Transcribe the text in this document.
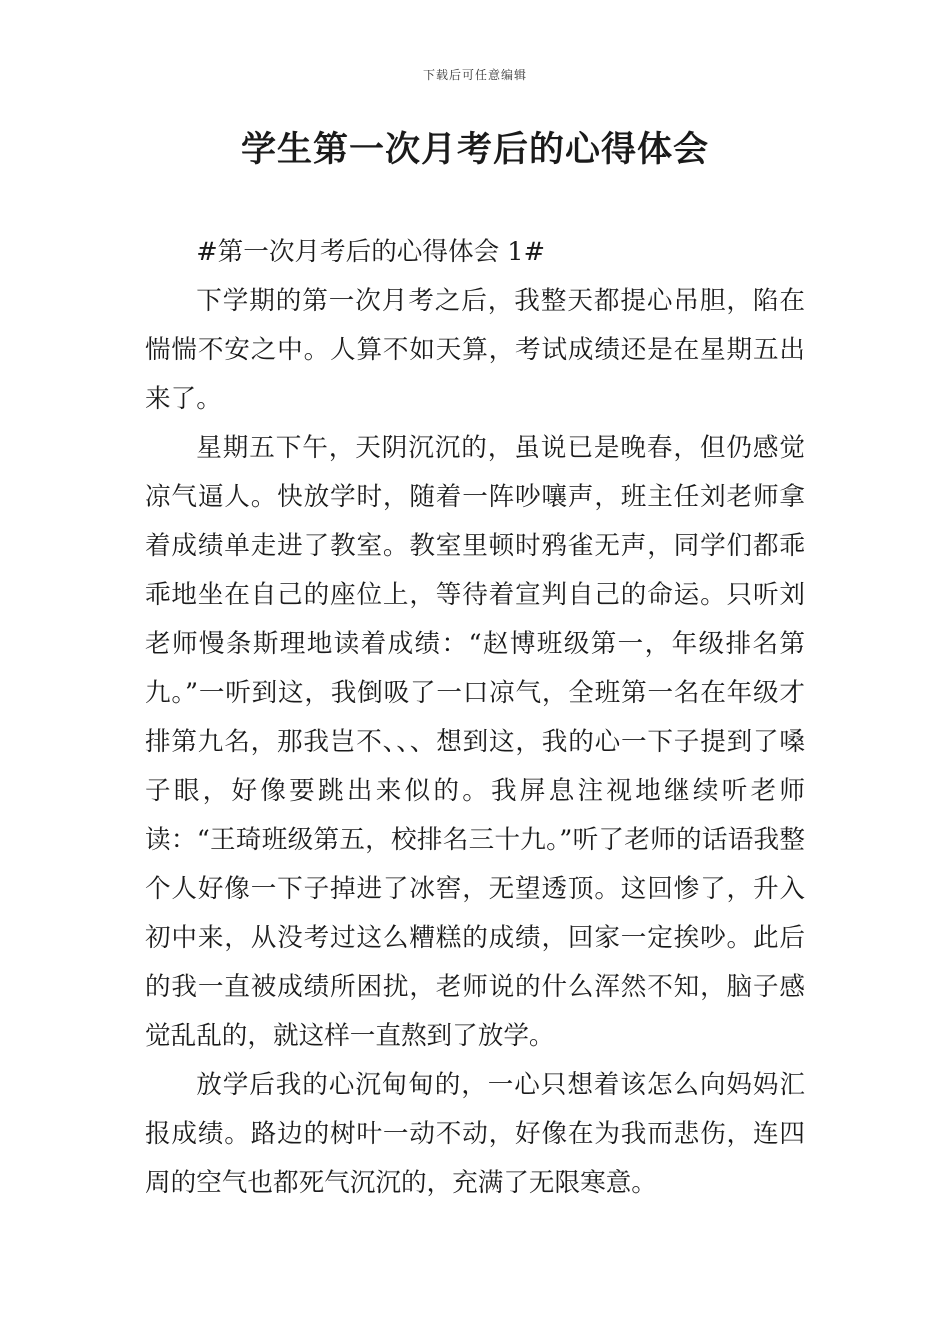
下载后可任意编辑
学生第一次月考后的心得体会

#第一次月考后的心得体会 1#

下学期的第一次月考之后，我整天都提心吊胆，陷在惴惴不安之中。人算不如天算，考试成绩还是在星期五出来了。

星期五下午，天阴沉沉的，虽说已是晚春，但仍感觉凉气逼人。快放学时，随着一阵吵嚷声，班主任刘老师拿着成绩单走进了教室。教室里顿时鸦雀无声，同学们都乖乖地坐在自己的座位上，等待着宣判自己的命运。只听刘老师慢条斯理地读着成绩：“赵博班级第一，年级排名第九。”一听到这，我倒吸了一口凉气，全班第一名在年级才排第九名，那我岂不、、、想到这，我的心一下子提到了嗓子眼，好像要跳出来似的。我屏息注视地继续听老师读：“王琦班级第五，校排名三十九。”听了老师的话语我整个人好像一下子掉进了冰窖，无望透顶。这回惨了，升入初中来，从没考过这么糟糕的成绩，回家一定挨吵。此后的我一直被成绩所困扰，老师说的什么浑然不知，脑子感觉乱乱的，就这样一直熬到了放学。

放学后我的心沉甸甸的，一心只想着该怎么向妈妈汇报成绩。路边的树叶一动不动，好像在为我而悲伤，连四周的空气也都死气沉沉的，充满了无限寒意。
